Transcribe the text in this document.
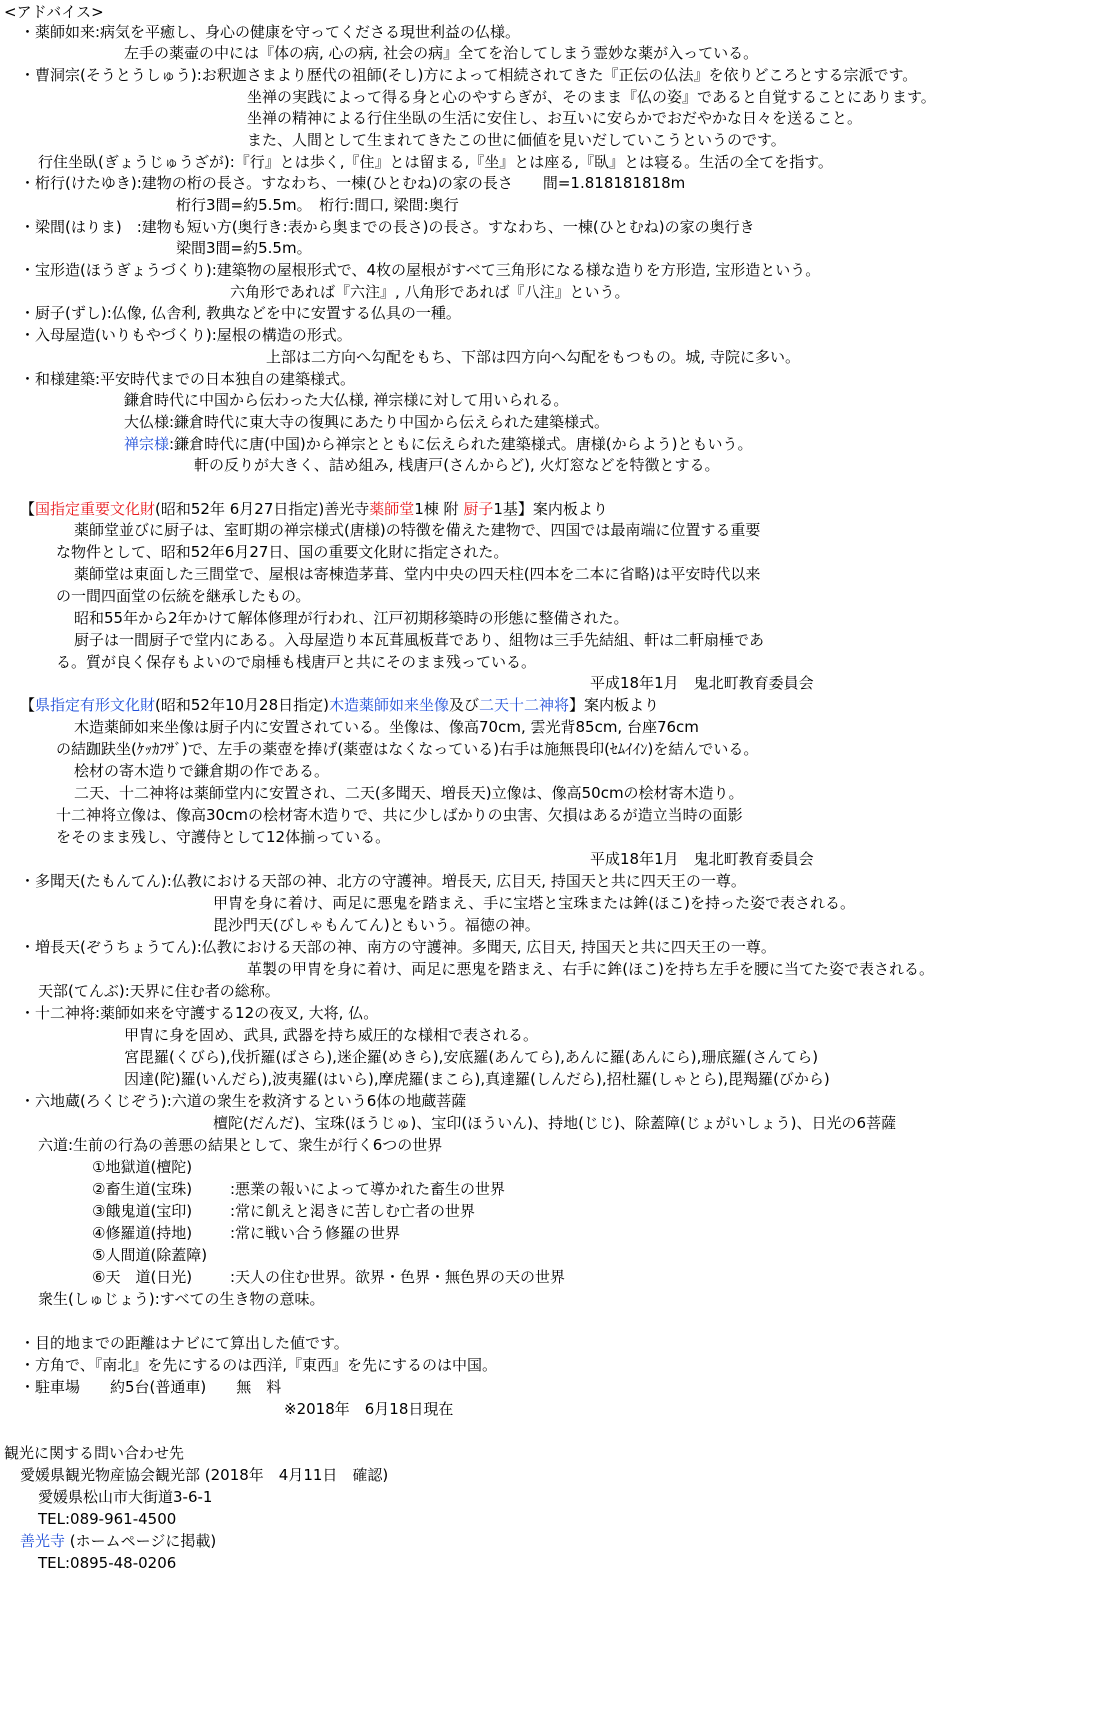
<アドバイス>
・薬師如来:病気を平癒し、身心の健康を守ってくださる現世利益の仏様。
左手の薬壷の中には『体の病, 心の病, 社会の病』全てを治してしまう霊妙な薬が入っている。
・曹洞宗(そうとうしゅう):お釈迦さまより歴代の祖師(そし)方によって相続されてきた『正伝の仏法』を依りどころとする宗派です。
坐禅の実践によって得る身と心のやすらぎが、そのまま『仏の姿』であると自覚することにあります。
坐禅の精神による行住坐臥の生活に安住し、お互いに安らかでおだやかな日々を送ること。
また、人間として生まれてきたこの世に価値を見いだしていこうというのです。
行住坐臥(ぎょうじゅうざが):『行』とは歩く,『住』とは留まる,『坐』とは座る,『臥』とは寝る。生活の全てを指す。
・桁行(けたゆき):建物の桁の長さ。すなわち、一棟(ひとむね)の家の長さ　　間=1.818181818m
桁行3間=約5.5m。　桁行:間口, 梁間:奥行
・梁間(はりま)　:建物も短い方(奥行き:表から奥までの長さ)の長さ。すなわち、一棟(ひとむね)の家の奥行き
梁間3間=約5.5m。
・宝形造(ほうぎょうづくり):建築物の屋根形式で、4枚の屋根がすべて三角形になる様な造りを方形造, 宝形造という。
六角形であれば『六注』, 八角形であれば『八注』という。
・厨子(ずし):仏像, 仏舎利, 教典などを中に安置する仏具の一種。
・入母屋造(いりもやづくり):屋根の構造の形式。
上部は二方向へ勾配をもち、下部は四方向へ勾配をもつもの。城, 寺院に多い。
・和様建築:平安時代までの日本独自の建築様式。
鎌倉時代に中国から伝わった大仏様, 禅宗様に対して用いられる。
大仏様:鎌倉時代に東大寺の復興にあたり中国から伝えられた建築様式。
禅宗様:鎌倉時代に唐(中国)から禅宗とともに伝えられた建築様式。唐様(からよう)ともいう。
軒の反りが大きく、詰め組み, 桟唐戸(さんからど), 火灯窓などを特徴とする。
【国指定重要文化財(昭和52年 6月27日指定)善光寺薬師堂1棟 附 厨子1基】案内板より
薬師堂並びに厨子は、室町期の禅宗様式(唐様)の特徴を備えた建物で、四国では最南端に位置する重要
な物件として、昭和52年6月27日、国の重要文化財に指定された。
薬師堂は東面した三間堂で、屋根は寄棟造茅葺、堂内中央の四天柱(四本を二本に省略)は平安時代以来
の一間四面堂の伝統を継承したもの。
昭和55年から2年かけて解体修理が行われ、江戸初期移築時の形態に整備された。
厨子は一間厨子で堂内にある。入母屋造り本瓦葺風板葺であり、組物は三手先結組、軒は二軒扇棰であ
る。質が良く保存もよいので扇棰も桟唐戸と共にそのまま残っている。
平成18年1月　鬼北町教育委員会
【県指定有形文化財(昭和52年10月28日指定)木造薬師如来坐像及び二天十二神将】案内板より
木造薬師如来坐像は厨子内に安置されている。坐像は、像高70cm, 雲光背85cm, 台座76cm
の結跏趺坐(ｹｯｶﾌｻﾞ)で、左手の薬壺を捧げ(薬壺はなくなっている)右手は施無畏印(ｾﾑｲｲﾝ)を結んでいる。
桧材の寄木造りで鎌倉期の作である。
二天、十二神将は薬師堂内に安置され、二天(多聞天、増長天)立像は、像高50cmの桧材寄木造り。
十二神将立像は、像高30cmの桧材寄木造りで、共に少しばかりの虫害、欠損はあるが造立当時の面影
をそのまま残し、守護侍として12体揃っている。
平成18年1月　鬼北町教育委員会
・多聞天(たもんてん):仏教における天部の神、北方の守護神。増長天, 広目天, 持国天と共に四天王の一尊。
甲冑を身に着け、両足に悪鬼を踏まえ、手に宝塔と宝珠または鉾(ほこ)を持った姿で表される。
毘沙門天(びしゃもんてん)ともいう。福徳の神。
・増長天(ぞうちょうてん):仏教における天部の神、南方の守護神。多聞天, 広目天, 持国天と共に四天王の一尊。
革製の甲冑を身に着け、両足に悪鬼を踏まえ、右手に鉾(ほこ)を持ち左手を腰に当てた姿で表される。
天部(てんぶ):天界に住む者の総称。
・十二神将:薬師如来を守護する12の夜叉, 大将, 仏。
甲冑に身を固め、武具, 武器を持ち威圧的な様相で表される。
宮毘羅(くびら),伐折羅(ばさら),迷企羅(めきら),安底羅(あんてら),あんに羅(あんにら),珊底羅(さんてら)
因達(陀)羅(いんだら),波夷羅(はいら),摩虎羅(まこら),真達羅(しんだら),招杜羅(しゃとら),毘羯羅(びから)
・六地蔵(ろくじぞう):六道の衆生を救済するという6体の地蔵菩薩
檀陀(だんだ)、宝珠(ほうじゅ)、宝印(ほういん)、持地(じじ)、除蓋障(じょがいしょう)、日光の6菩薩
六道:生前の行為の善悪の結果として、衆生が行く6つの世界
①地獄道(檀陀)
②畜生道(宝珠)	:悪業の報いによって導かれた畜生の世界
③餓鬼道(宝印)	:常に飢えと渇きに苦しむ亡者の世界
④修羅道(持地)	:常に戦い合う修羅の世界
⑤人間道(除蓋障)
⑥天　道(日光)	:天人の住む世界。欲界・色界・無色界の天の世界
衆生(しゅじょう):すべての生き物の意味。
・目的地までの距離はナビにて算出した値です。
・方角で、『南北』を先にするのは西洋,『東西』を先にするのは中国。
・駐車場　　約5台(普通車)　　無　料
※2018年　6月18日現在
観光に関する問い合わせ先
愛媛県観光物産協会観光部 (2018年　4月11日　確認)
愛媛県松山市大街道3-6-1
TEL:089-961-4500
善光寺 (ホームページに掲載)
TEL:0895-48-0206
